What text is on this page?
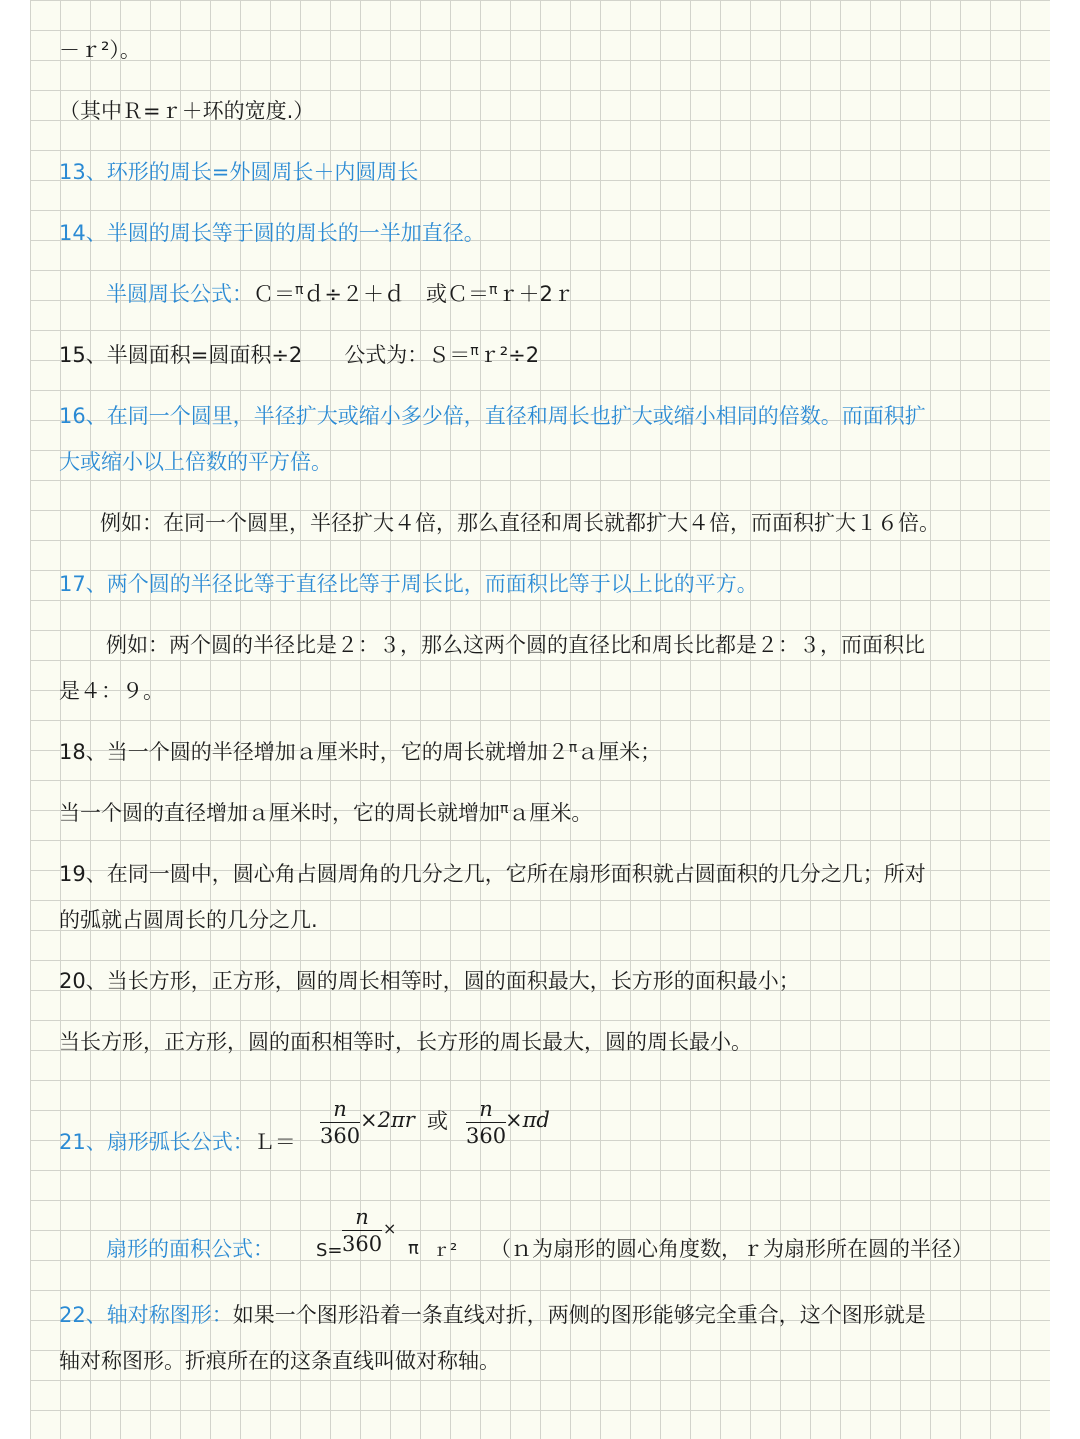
－ｒ²）。
（其中Ｒ=ｒ＋环的宽度.）
13、环形的周长=外圆周长＋内圆周长
14、半圆的周长等于圆的周长的一半加直径。
半圆周长公式：Ｃ＝$^\pi$ｄ÷２＋ｄ　或Ｃ＝$^\pi$ｒ＋2ｒ
15、半圆面积=圆面积÷2　　公式为：Ｓ＝$^\pi$ｒ²÷2
16、在同一个圆里，半径扩大或缩小多少倍，直径和周长也扩大或缩小相同的倍数。而面积扩
大或缩小以上倍数的平方倍。
例如：在同一个圆里，半径扩大４倍，那么直径和周长就都扩大４倍，而面积扩大１６倍。
17、两个圆的半径比等于直径比等于周长比，而面积比等于以上比的平方。
例如：两个圆的半径比是２：３，那么这两个圆的直径比和周长比都是２：３，而面积比
是４：９。
18、当一个圆的半径增加ａ厘米时，它的周长就增加$2^\pi a$厘米；
当一个圆的直径增加ａ厘米时，它的周长就增加$^\pi$ａ厘米。
19、在同一圆中，圆心角占圆周角的几分之几，它所在扇形面积就占圆面积的几分之几；所对
的弧就占圆周长的几分之几.
20、当长方形，正方形，圆的周长相等时，圆的面积最大，长方形的面积最小；
当长方形，正方形，圆的面积相等时，长方形的周长最大，圆的周长最小。
21、扇形弧长公式：Ｌ＝ $\frac{n}{360} \times 2\pi r$ 或 $\frac{n}{360}$
×πd
扇形的面积公式： $S= \frac{n}{360}$ ×
π ｒ² （ｎ为扇形的圆心角度数，ｒ为扇形所在圆的半径）
22、轴对称图形：如果一个图形沿着一条直线对折，两侧的图形能够完全重合，这个图形就是
轴对称图形。折痕所在的这条直线叫做对称轴。
